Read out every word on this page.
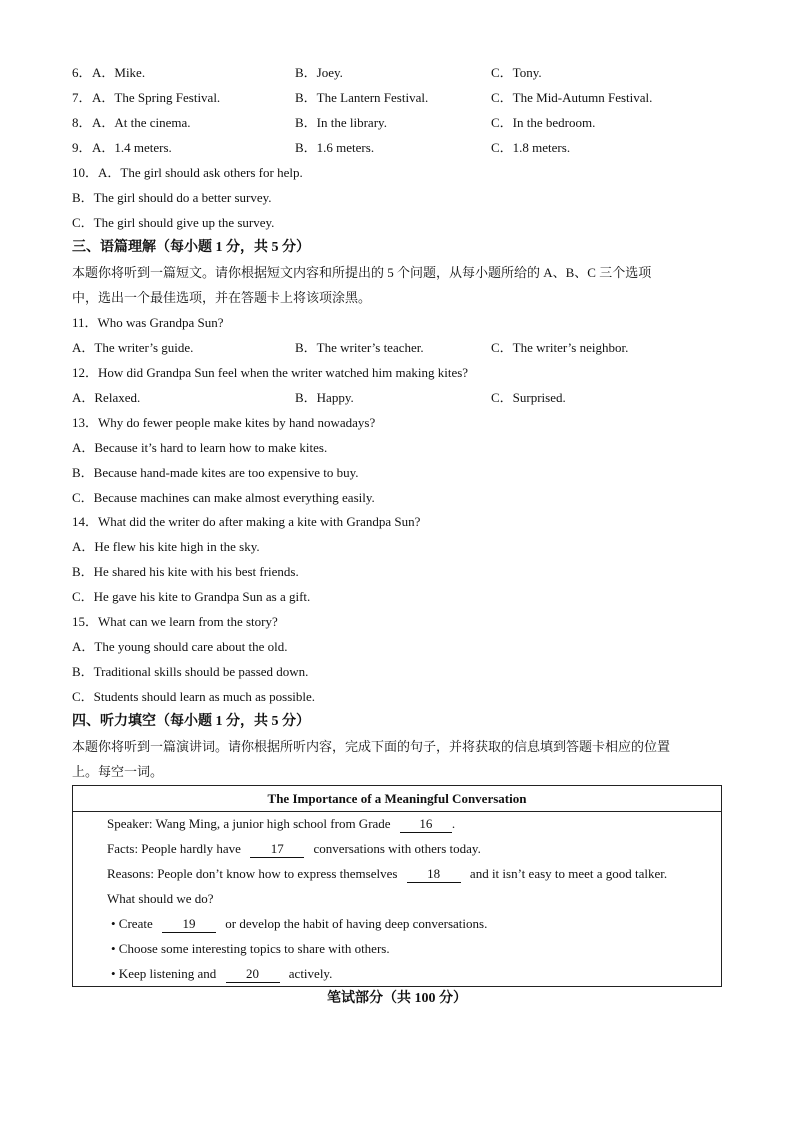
6． A．Mike.	B．Joey.	C．Tony.
7． A．The Spring Festival.	B．The Lantern Festival.	C．The Mid-Autumn Festival.
8． A．At the cinema.	B．In the library.	C．In the bedroom.
9． A．1.4 meters.	B．1.6 meters.	C．1.8 meters.
10．A．The girl should ask others for help.
B．The girl should do a better survey.
C．The girl should give up the survey.
三、语篇理解（每小题 1 分，共 5 分）
本题你将听到一篇短文。请你根据短文内容和所提出的 5 个问题，从每小题所给的 A、B、C 三个选项
中，选出一个最佳选项，并在答题卡上将该项涂黑。
11．Who was Grandpa Sun?
A．The writer’s guide.	B．The writer’s teacher.	C．The writer’s neighbor.
12．How did Grandpa Sun feel when the writer watched him making kites?
A．Relaxed.	B．Happy.	C．Surprised.
13．Why do fewer people make kites by hand nowadays?
A．Because it’s hard to learn how to make kites.
B．Because hand-made kites are too expensive to buy.
C．Because machines can make almost everything easily.
14．What did the writer do after making a kite with Grandpa Sun?
A．He flew his kite high in the sky.
B．He shared his kite with his best friends.
C．He gave his kite to Grandpa Sun as a gift.
15．What can we learn from the story?
A．The young should care about the old.
B．Traditional skills should be passed down.
C．Students should learn as much as possible.
四、听力填空（每小题 1 分，共 5 分）
本题你将听到一篇演讲词。请你根据所听内容，完成下面的句子，并将获取的信息填到答题卡相应的位置
上。每空一词。
The Importance of a Meaningful Conversation
Speaker: Wang Ming, a junior high school from Grade 16 .
Facts: People hardly have 17 conversations with others today.
Reasons: People don’t know how to express themselves 18 and it isn’t easy to meet a good talker.
What should we do?
• Create 19 or develop the habit of having deep conversations.
• Choose some interesting topics to share with others.
• Keep listening and 20 actively.
笔试部分（共 100 分）
